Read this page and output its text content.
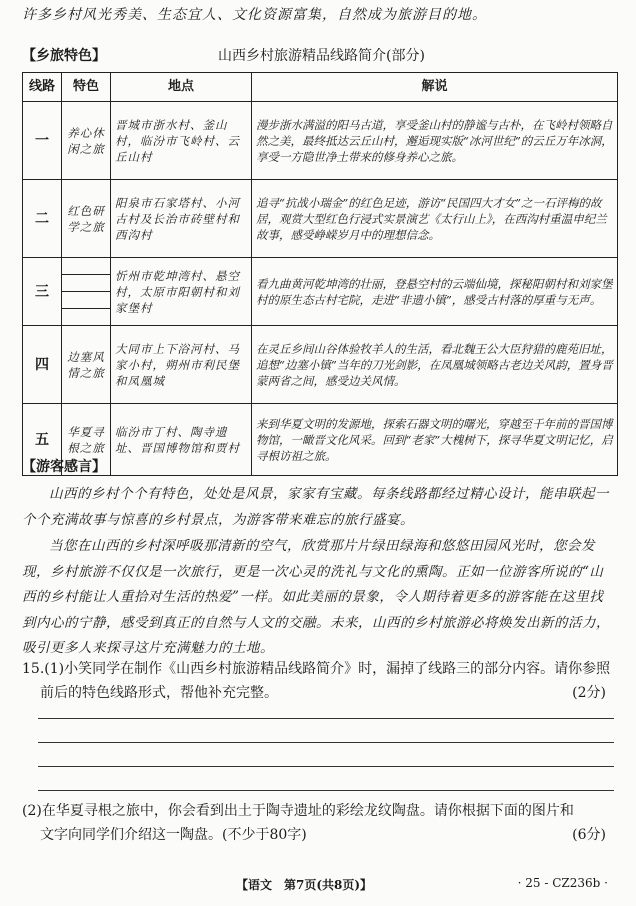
许多乡村风光秀美、生态宜人、文化资源富集，自然成为旅游目的地。
【乡旅特色】	山西乡村旅游精品线路简介(部分)
线路	特色	地点	解说
一	养心休闲之旅	晋城市浙水村、釜山村，临汾市飞岭村、云丘山村	漫步浙水满溢的阳马古道，享受釜山村的静谧与古朴，在飞岭村领略自然之美，最终抵达云丘山村，邂逅现实版“冰河世纪”的云丘万年冰洞，享受一方隐世净土带来的修身养心之旅。
二	红色研学之旅	阳泉市石家塔村、小河古村及长治市砖壁村和西沟村	追寻“抗战小瑞金”的红色足迹，游访“民国四大才女”之一石评梅的故居，观赏大型红色行浸式实景演艺《太行山上》，在西沟村重温申纪兰故事，感受峥嵘岁月中的理想信念。
三		忻州市乾坤湾村、悬空村，太原市阳朝村和刘家堡村	看九曲黄河乾坤湾的壮丽，登悬空村的云端仙境，探秘阳朝村和刘家堡村的原生态古村宅院，走进“非遗小镇”，感受古村落的厚重与无声。
四	边塞风情之旅	大同市上下浴河村、马家小村，朔州市利民堡和凤凰城	在灵丘乡间山谷体验牧羊人的生活，看北魏王公大臣狩猎的鹿苑旧址，追想“边塞小镇”当年的刀光剑影，在凤凰城领略古老边关风韵，置身晋蒙两省之间，感受边关风情。
五	华夏寻根之旅	临汾市丁村、陶寺遗址、晋国博物馆和贾村	来到华夏文明的发源地，探索石器文明的曙光，穿越至千年前的晋国博物馆，一瞰晋文化风采。回到“老家”大槐树下，探寻华夏文明记忆，启寻根访祖之旅。
【游客感言】
山西的乡村个个有特色，处处是风景，家家有宝藏。每条线路都经过精心设计，能串联起一个个充满故事与惊喜的乡村景点，为游客带来难忘的旅行盛宴。
当您在山西的乡村深呼吸那清新的空气，欣赏那片片绿田绿海和悠悠田园风光时，您会发现，乡村旅游不仅仅是一次旅行，更是一次心灵的洗礼与文化的熏陶。正如一位游客所说的“山西的乡村能让人重拾对生活的热爱”一样。如此美丽的景象，令人期待着更多的游客能在这里找到内心的宁静，感受到真正的自然与人文的交融。未来，山西的乡村旅游必将焕发出新的活力，吸引更多人来探寻这片充满魅力的土地。
15.(1)小笑同学在制作《山西乡村旅游精品线路简介》时，漏掉了线路三的部分内容。请你参照
前后的特色线路形式，帮他补充完整。	(2分)
(2)在华夏寻根之旅中，你会看到出土于陶寺遗址的彩绘龙纹陶盘。请你根据下面的图片和
文字向同学们介绍这一陶盘。(不少于80字)	(6分)
【语文　第7页(共8页)】	· 25 - CZ236b ·
